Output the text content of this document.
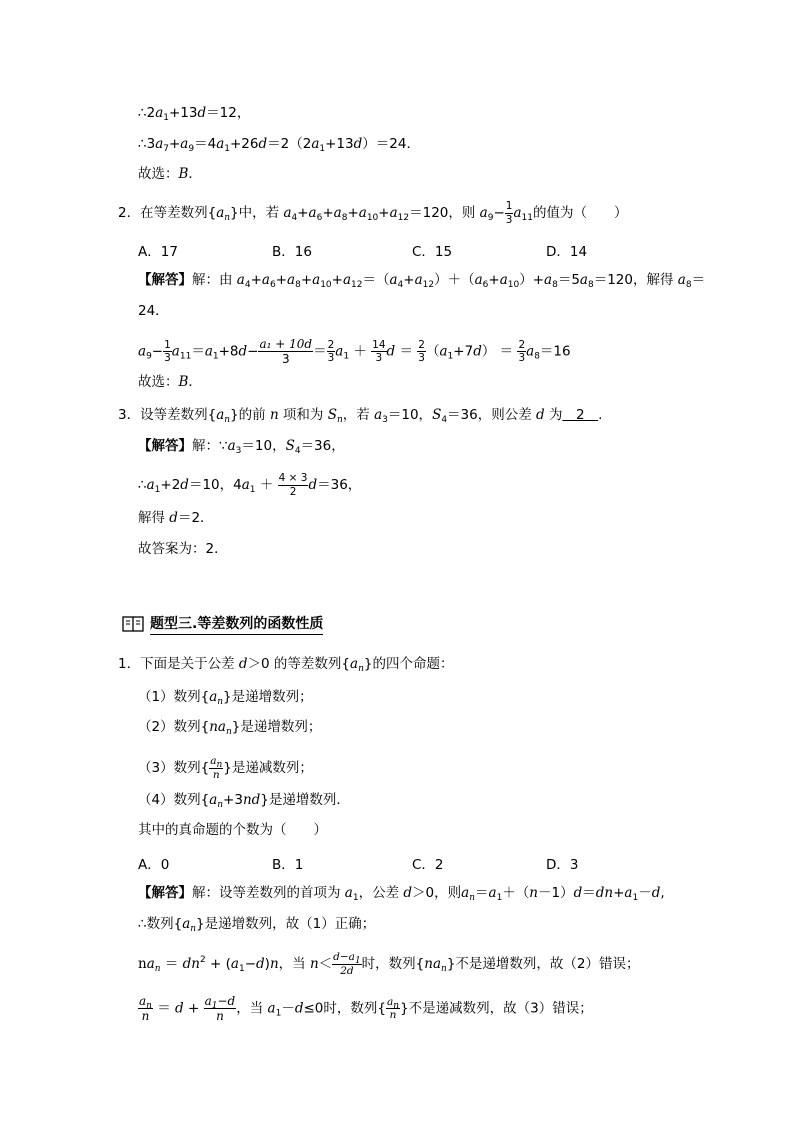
$\therefore 2a_1+13d=12$，
$\therefore 3a_7+a_9=4a_1+26d=2(2a_1+13d)=24$．
故选：B．
2．在等差数列$\{a_n\}$中，若 $a_4+a_6+a_8+a_{10}+a_{12}=120$，则 $a_9- \frac{1}{3} a_{11}$的值为（　　）
A．17	B．16	C．15	D．14
【解答】解：由 $a_4+a_6+a_8+a_{10}+a_{12}=(a_4+a_{12})+(a_6+a_{10})+a_8=5a_8=120$，解得 $a_8=$
24．
$a_9- \frac{1}{3} a_{11}=a_1+8d- \frac{\text{a₁ + 10d}}{3} = \frac{2}{3} a_1 + \frac{14}{3}$ $d = \frac{2}{3} (a_1+7d) = \frac{2}{3} a_8=16$
故选：B．
3．设等差数列$\{a_n\}$的前 n 项和为 $S_n$，若 $a_3=10$，$S_4=36$，则公差 d 为　2　.
【解答】解：$\because a_3=10$，$S_4=36$，
$\therefore a_1+2d=10$，$4a_1 + \frac{4 \times 3}{2} d=36$，
解得 d＝2．
故答案为：2．
题型三.等差数列的函数性质
1．下面是关于公差 d＞0 的等差数列$\{a_n\}$的四个命题：
（1）数列$\{a_n\}$是递增数列；
（2）数列$\{na_n\}$是递增数列；
（3）数列{ $\frac{a_n}{n}$ }是递减数列；
（4）数列$\{a_n+3nd\}$是递增数列．
其中的真命题的个数为（　　）
A．0	B．1	C．2	D．3
【解答】解：设等差数列的首项为 $a_1$，公差 d＞0，则$a_n=a_1+(n-1)d=dn+a_1-d$,
∴数列$\{a_n\}$是递增数列，故（1）正确；
$na_n = dn^2 + (a_1-d)n$，当 $n< \frac{d-a_1}{2d}$ 时，数列$\{na_n\}$不是递增数列，故（2）错误；
$\frac{a_n}{n} = d + \frac{a_1-d}{n}$ ，当 $a_1-d\le 0$时，数列{ $\frac{a_n}{n}$ }不是递减数列，故（3）错误；
